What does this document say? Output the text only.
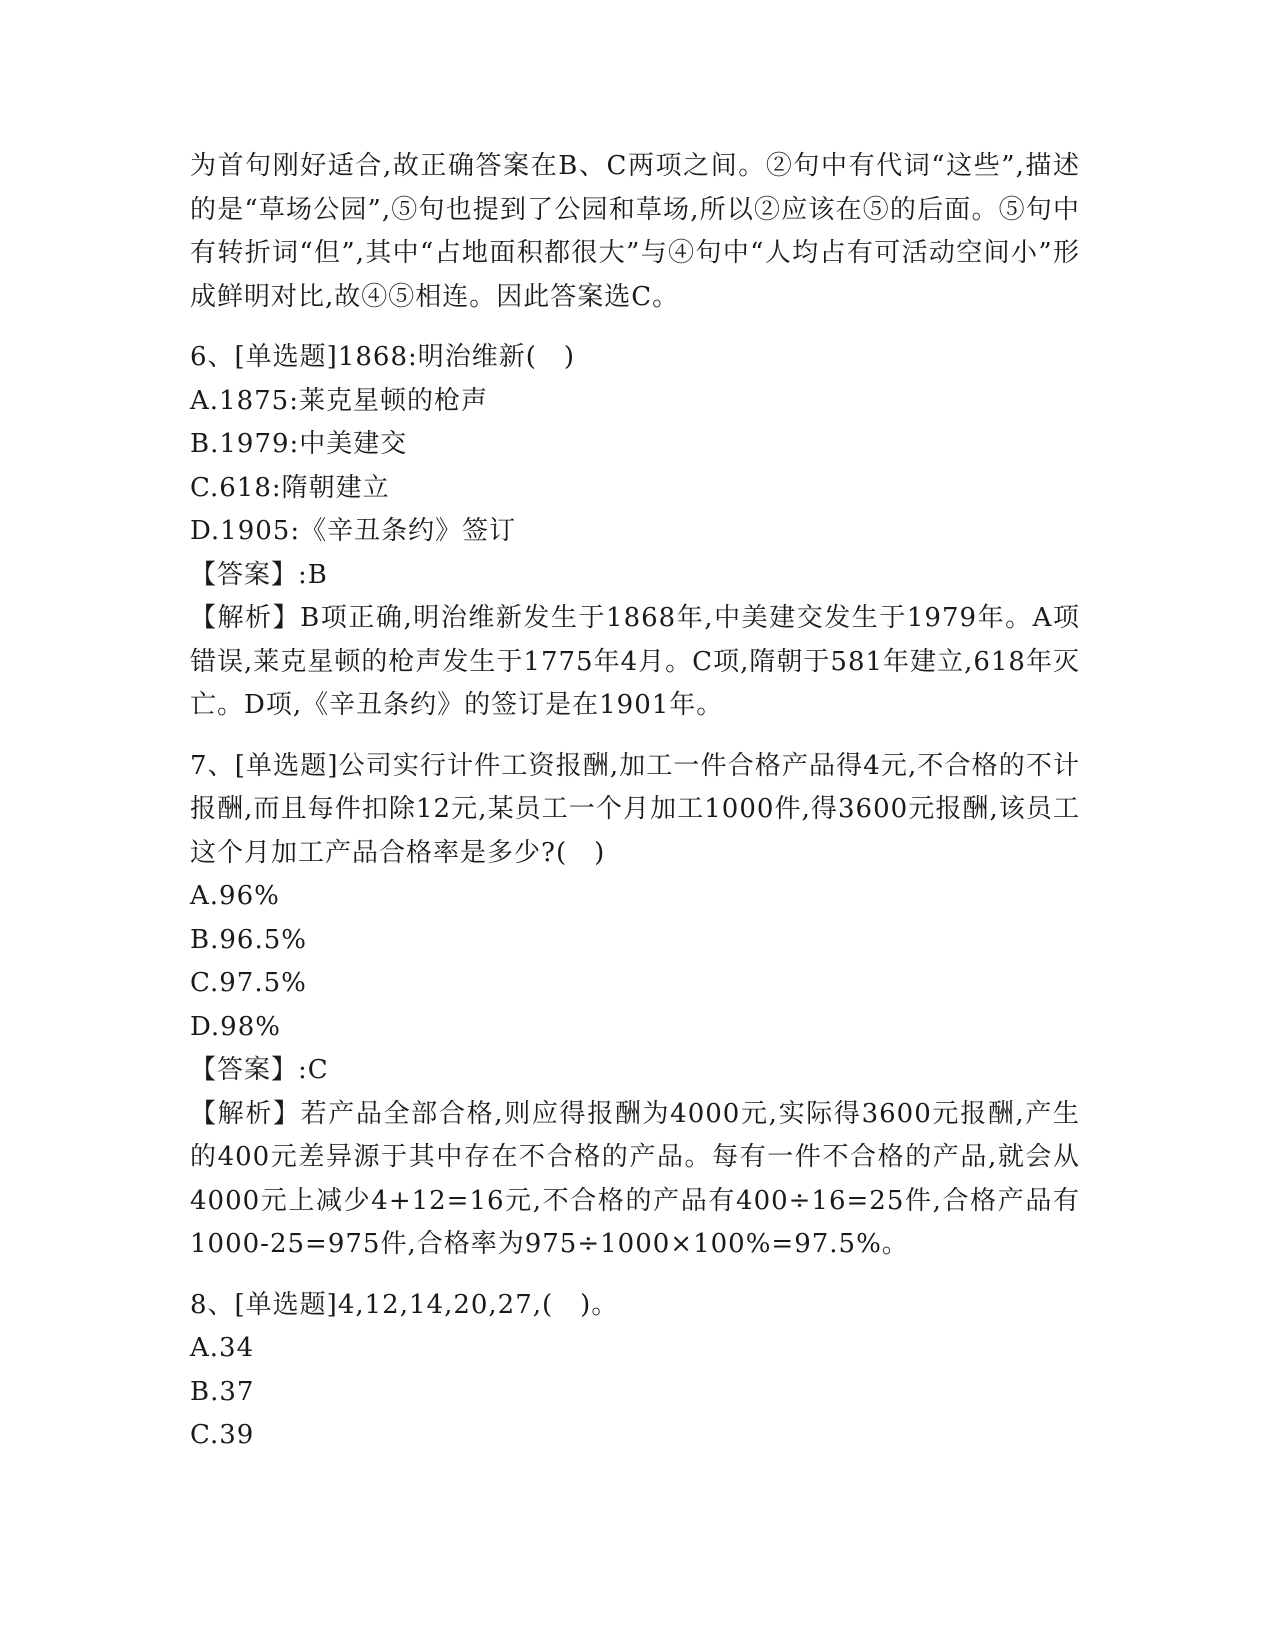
为首句刚好适合,故正确答案在B、C两项之间。②句中有代词“这些”,描述的是“草场公园”,⑤句也提到了公园和草场,所以②应该在⑤的后面。⑤句中有转折词“但”,其中“占地面积都很大”与④句中“人均占有可活动空间小”形成鲜明对比,故④⑤相连。因此答案选C。

6、[单选题]1868:明治维新(　)

A.1875:莱克星顿的枪声

B.1979:中美建交

C.618:隋朝建立

D.1905:《辛丑条约》签订

【答案】:B

【解析】B项正确,明治维新发生于1868年,中美建交发生于1979年。A项错误,莱克星顿的枪声发生于1775年4月。C项,隋朝于581年建立,618年灭亡。D项,《辛丑条约》的签订是在1901年。

7、[单选题]公司实行计件工资报酬,加工一件合格产品得4元,不合格的不计报酬,而且每件扣除12元,某员工一个月加工1000件,得3600元报酬,该员工这个月加工产品合格率是多少?(　)

A.96%

B.96.5%

C.97.5%

D.98%

【答案】:C

【解析】若产品全部合格,则应得报酬为4000元,实际得3600元报酬,产生的400元差异源于其中存在不合格的产品。每有一件不合格的产品,就会从4000元上减少4+12=16元,不合格的产品有400÷16=25件,合格产品有1000-25=975件,合格率为975÷1000×100%=97.5%。

8、[单选题]4,12,14,20,27,(　)。

A.34

B.37

C.39
